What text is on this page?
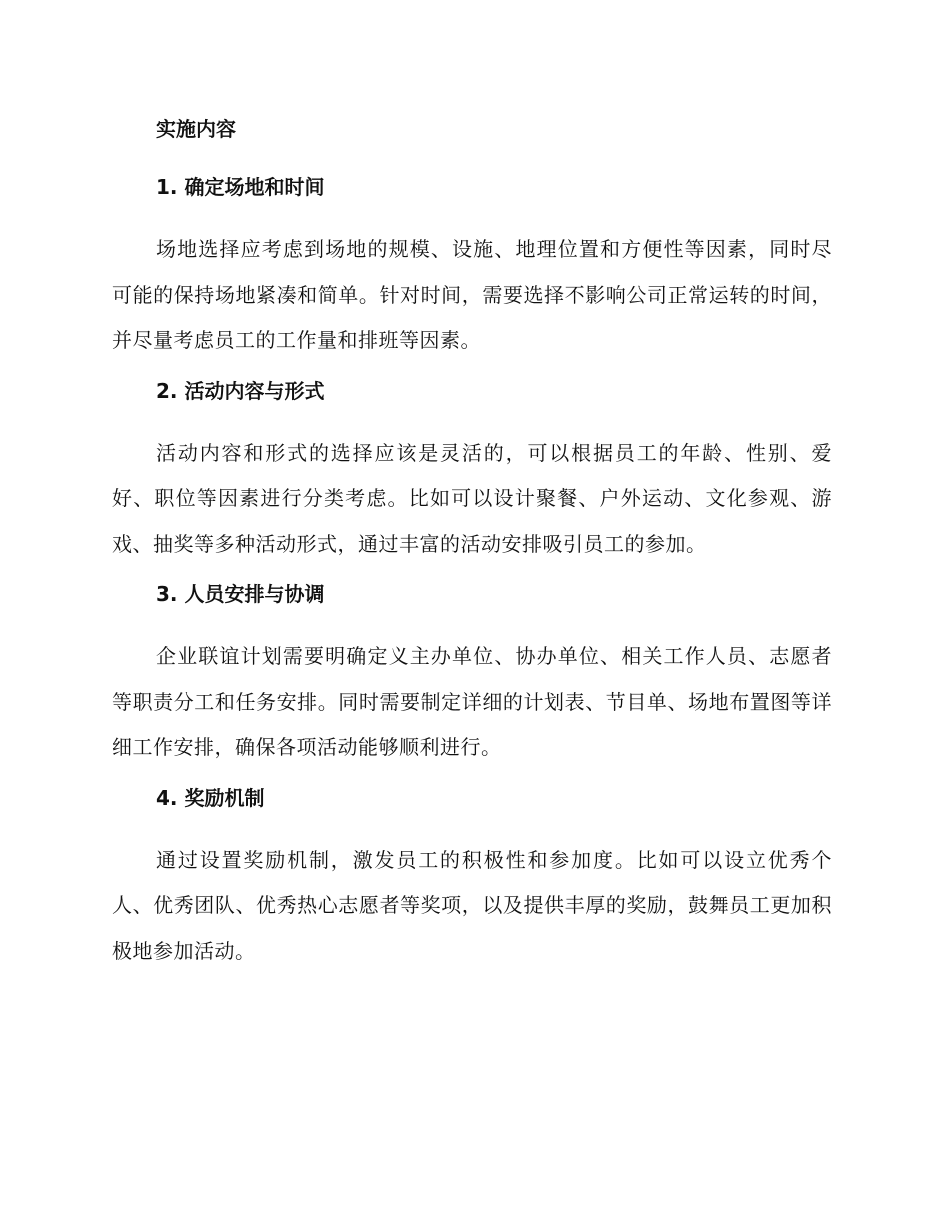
实施内容
1. 确定场地和时间

场地选择应考虑到场地的规模、设施、地理位置和方便性等因素，同时尽可能的保持场地紧凑和简单。针对时间，需要选择不影响公司正常运转的时间，并尽量考虑员工的工作量和排班等因素。

2. 活动内容与形式

活动内容和形式的选择应该是灵活的，可以根据员工的年龄、性别、爱好、职位等因素进行分类考虑。比如可以设计聚餐、户外运动、文化参观、游戏、抽奖等多种活动形式，通过丰富的活动安排吸引员工的参加。

3. 人员安排与协调

企业联谊计划需要明确定义主办单位、协办单位、相关工作人员、志愿者等职责分工和任务安排。同时需要制定详细的计划表、节目单、场地布置图等详细工作安排，确保各项活动能够顺利进行。

4. 奖励机制

通过设置奖励机制，激发员工的积极性和参加度。比如可以设立优秀个人、优秀团队、优秀热心志愿者等奖项，以及提供丰厚的奖励，鼓舞员工更加积极地参加活动。
